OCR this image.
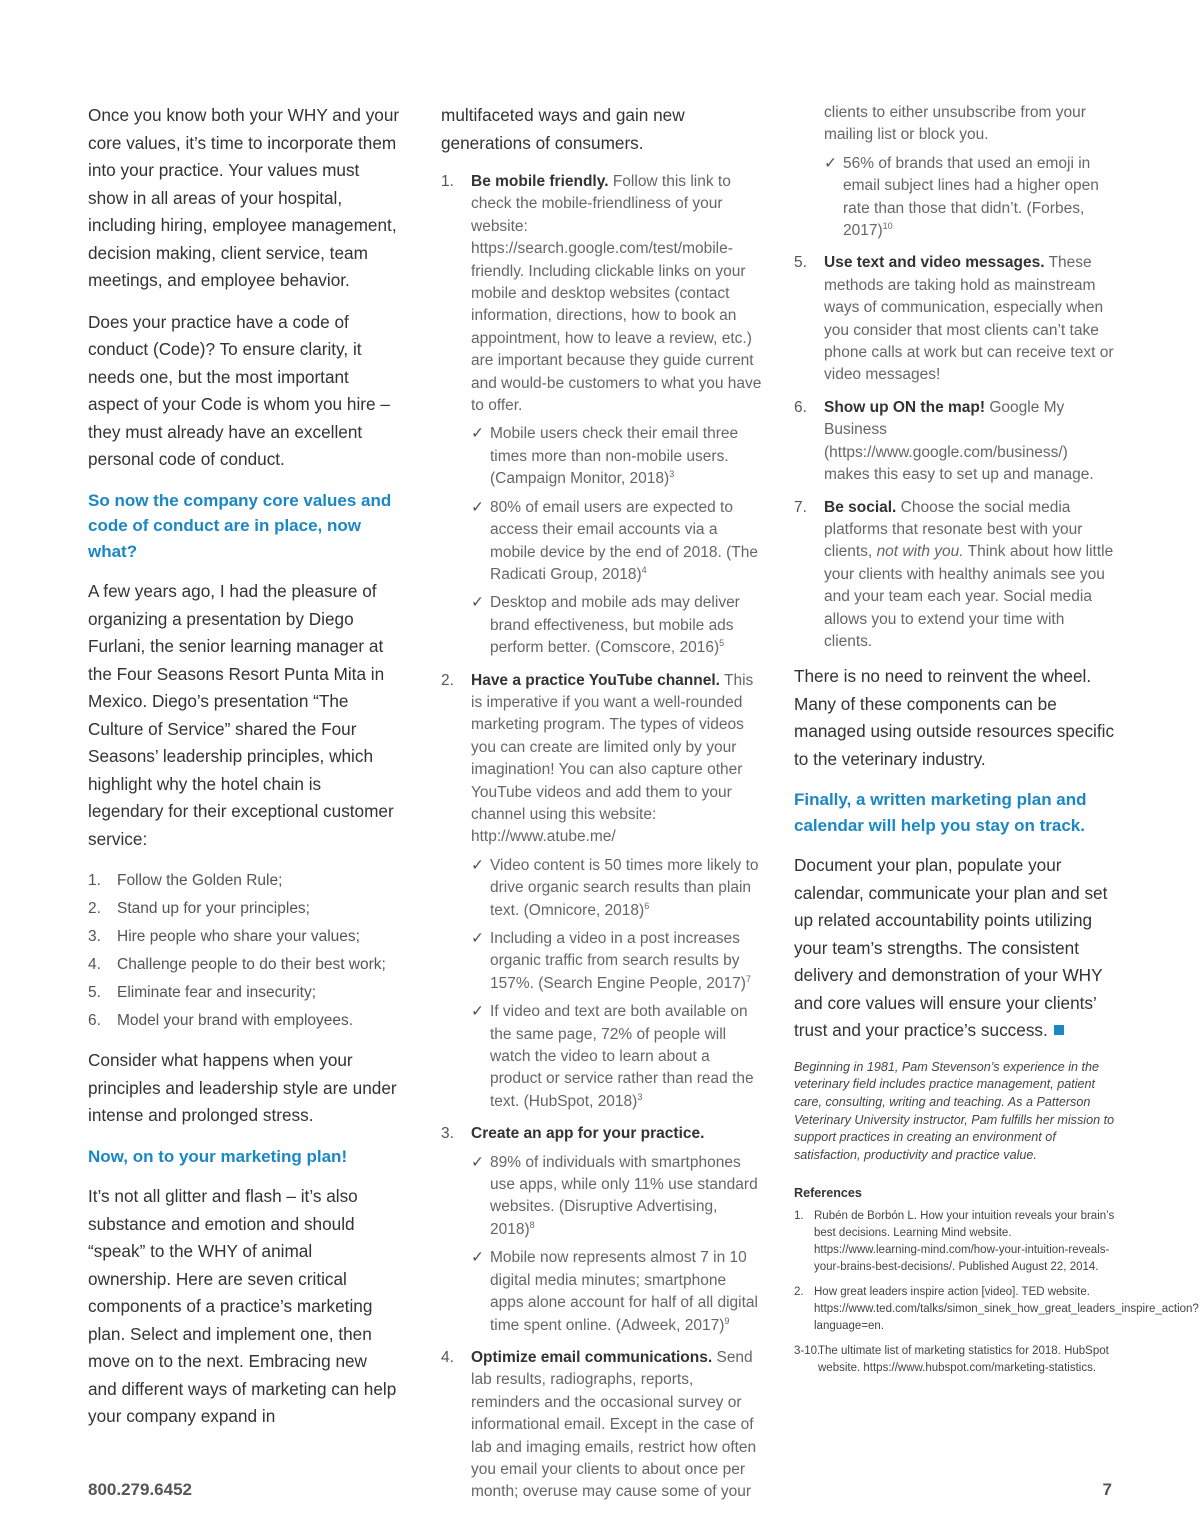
Once you know both your WHY and your core values, it’s time to incorporate them into your practice. Your values must show in all areas of your hospital, including hiring, employee management, decision making, client service, team meetings, and employee behavior.

Does your practice have a code of conduct (Code)? To ensure clarity, it needs one, but the most important aspect of your Code is whom you hire – they must already have an excellent personal code of conduct.

So now the company core values and code of conduct are in place, now what?

A few years ago, I had the pleasure of organizing a presentation by Diego Furlani, the senior learning manager at the Four Seasons Resort Punta Mita in Mexico. Diego’s presentation “The Culture of Service” shared the Four Seasons’ leadership principles, which highlight why the hotel chain is legendary for their exceptional customer service:

1. Follow the Golden Rule;
2. Stand up for your principles;
3. Hire people who share your values;
4. Challenge people to do their best work;
5. Eliminate fear and insecurity;
6. Model your brand with employees.

Consider what happens when your principles and leadership style are under intense and prolonged stress.

Now, on to your marketing plan!

It’s not all glitter and flash – it’s also substance and emotion and should “speak” to the WHY of animal ownership. Here are seven critical components of a practice’s marketing plan. Select and implement one, then move on to the next. Embracing new and different ways of marketing can help your company expand in

multifaceted ways and gain new generations of consumers.

1. Be mobile friendly. Follow this link to check the mobile-friendliness of your website: https://search.google.com/test/mobile-friendly. Including clickable links on your mobile and desktop websites (contact information, directions, how to book an appointment, how to leave a review, etc.) are important because they guide current and would-be customers to what you have to offer.
✓ Mobile users check their email three times more than non-mobile users. (Campaign Monitor, 2018)$^3$
✓ 80% of email users are expected to access their email accounts via a mobile device by the end of 2018. (The Radicati Group, 2018)$^4$
✓ Desktop and mobile ads may deliver brand effectiveness, but mobile ads perform better. (Comscore, 2016)$^5$
2. Have a practice YouTube channel. This is imperative if you want a well-rounded marketing program. The types of videos you can create are limited only by your imagination! You can also capture other YouTube videos and add them to your channel using this website: http://www.atube.me/
✓ Video content is 50 times more likely to drive organic search results than plain text. (Omnicore, 2018)$^6$
✓ Including a video in a post increases organic traffic from search results by 157%. (Search Engine People, 2017)$^7$
✓ If video and text are both available on the same page, 72% of people will watch the video to learn about a product or service rather than read the text. (HubSpot, 2018)$^3$
3. Create an app for your practice.
✓ 89% of individuals with smartphones use apps, while only 11% use standard websites. (Disruptive Advertising, 2018)$^8$
✓ Mobile now represents almost 7 in 10 digital media minutes; smartphone apps alone account for half of all digital time spent online. (Adweek, 2017)$^9$
4. Optimize email communications. Send lab results, radiographs, reports, reminders and the occasional survey or informational email. Except in the case of lab and imaging emails, restrict how often you email your clients to about once per month; overuse may cause some of your
clients to either unsubscribe from your mailing list or block you.
✓ 56% of brands that used an emoji in email subject lines had a higher open rate than those that didn’t. (Forbes, 2017)$^{10}$
5. Use text and video messages. These methods are taking hold as mainstream ways of communication, especially when you consider that most clients can’t take phone calls at work but can receive text or video messages!
6. Show up ON the map! Google My Business (https://www.google.com/business/) makes this easy to set up and manage.
7. Be social. Choose the social media platforms that resonate best with your clients, not with you. Think about how little your clients with healthy animals see you and your team each year. Social media allows you to extend your time with clients.

There is no need to reinvent the wheel. Many of these components can be managed using outside resources specific to the veterinary industry.

Finally, a written marketing plan and calendar will help you stay on track.

Document your plan, populate your calendar, communicate your plan and set up related accountability points utilizing your team’s strengths. The consistent delivery and demonstration of your WHY and core values will ensure your clients’ trust and your practice’s success.

Beginning in 1981, Pam Stevenson’s experience in the veterinary field includes practice management, patient care, consulting, writing and teaching. As a Patterson Veterinary University instructor, Pam fulfills her mission to support practices in creating an environment of satisfaction, productivity and practice value.

References
1. Rubén de Borbón L. How your intuition reveals your brain’s best decisions. Learning Mind website. https://www.learning-mind.com/how-your-intuition-reveals-your-brains-best-decisions/. Published August 22, 2014.
2. How great leaders inspire action [video]. TED website. https://www.ted.com/talks/simon_sinek_how_great_leaders_inspire_action?language=en.
3-10.
The ultimate list of marketing statistics for 2018. HubSpot website. https://www.hubspot.com/marketing-statistics.
800.279.6452	7
